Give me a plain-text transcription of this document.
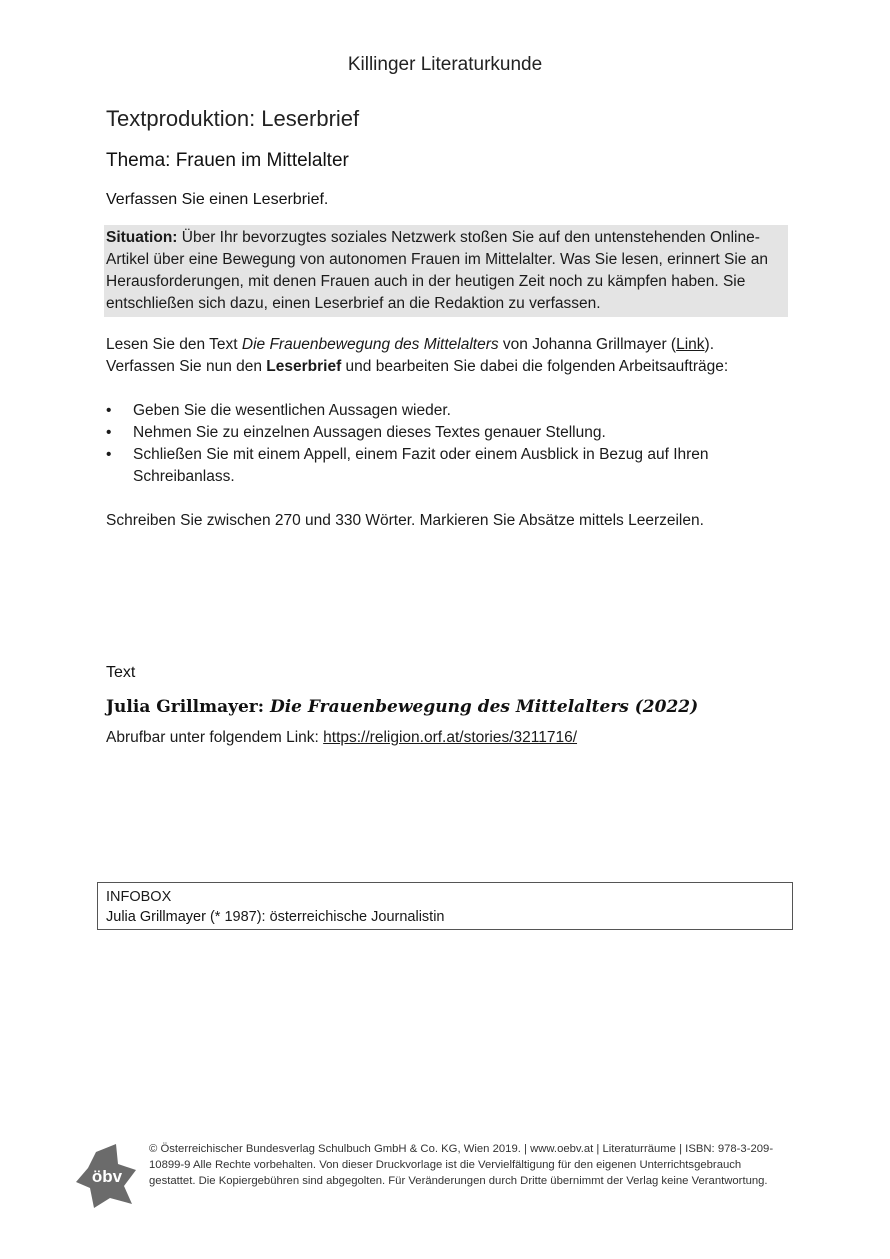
Killinger Literaturkunde
Textproduktion: Leserbrief
Thema: Frauen im Mittelalter
Verfassen Sie einen Leserbrief.
Situation: Über Ihr bevorzugtes soziales Netzwerk stoßen Sie auf den untenstehenden Online-Artikel über eine Bewegung von autonomen Frauen im Mittelalter. Was Sie lesen, erinnert Sie an Herausforderungen, mit denen Frauen auch in der heutigen Zeit noch zu kämpfen haben. Sie entschließen sich dazu, einen Leserbrief an die Redaktion zu verfassen.
Lesen Sie den Text Die Frauenbewegung des Mittelalters von Johanna Grillmayer (Link).
Verfassen Sie nun den Leserbrief und bearbeiten Sie dabei die folgenden Arbeitsaufträge:
• Geben Sie die wesentlichen Aussagen wieder.
• Nehmen Sie zu einzelnen Aussagen dieses Textes genauer Stellung.
• Schließen Sie mit einem Appell, einem Fazit oder einem Ausblick in Bezug auf Ihren Schreibanlass.
Schreiben Sie zwischen 270 und 330 Wörter. Markieren Sie Absätze mittels Leerzeilen.
Text
Julia Grillmayer: Die Frauenbewegung des Mittelalters (2022)
Abrufbar unter folgendem Link: https://religion.orf.at/stories/3211716/
INFOBOX
Julia Grillmayer (* 1987): österreichische Journalistin
öbv
© Österreichischer Bundesverlag Schulbuch GmbH & Co. KG, Wien 2019. | www.oebv.at | Literaturräume | ISBN: 978-3-209-10899-9 Alle Rechte vorbehalten. Von dieser Druckvorlage ist die Vervielfältigung für den eigenen Unterrichtsgebrauch gestattet. Die Kopiergebühren sind abgegolten. Für Veränderungen durch Dritte übernimmt der Verlag keine Verantwortung.
